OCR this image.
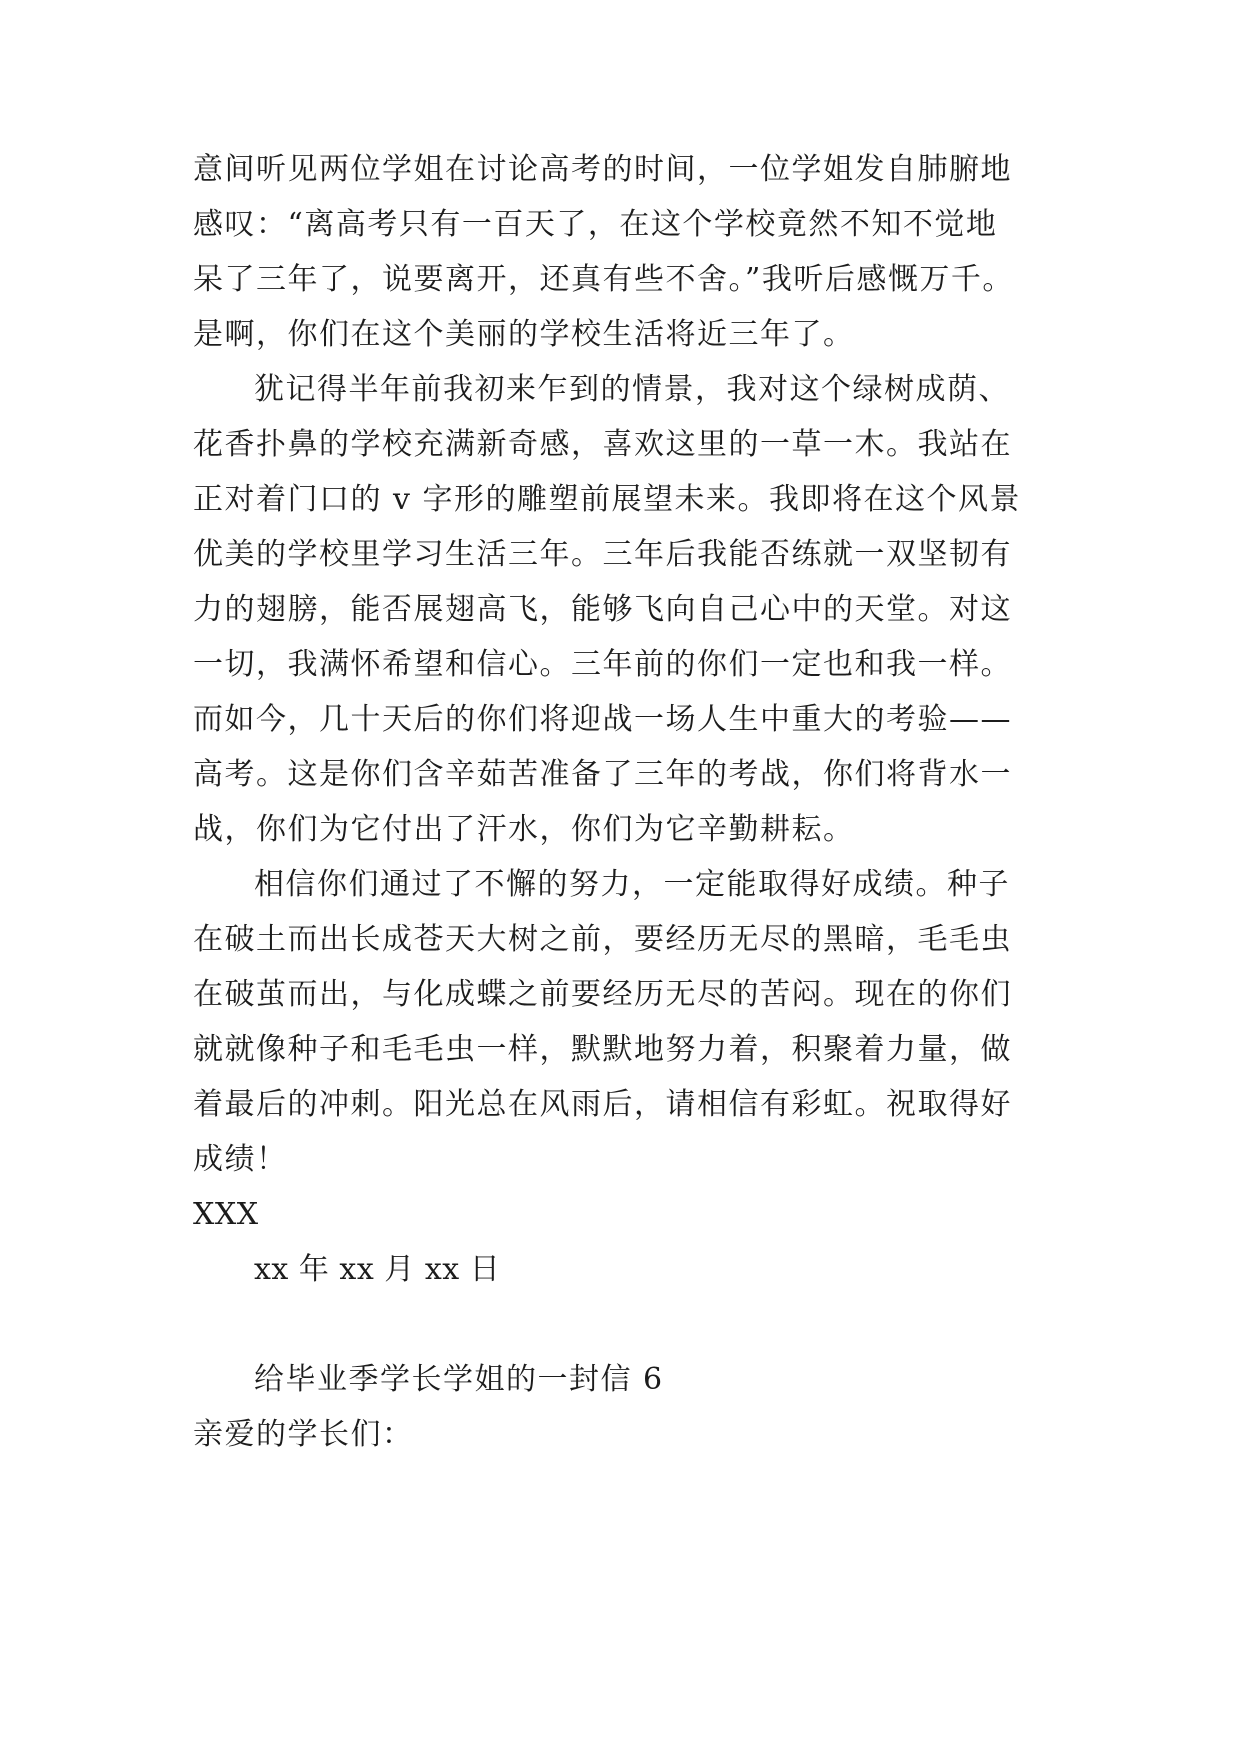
意间听见两位学姐在讨论高考的时间，一位学姐发自肺腑地

感叹：“离高考只有一百天了，在这个学校竟然不知不觉地

呆了三年了，说要离开，还真有些不舍。”我听后感慨万千。

是啊，你们在这个美丽的学校生活将近三年了。

犹记得半年前我初来乍到的情景，我对这个绿树成荫、

花香扑鼻的学校充满新奇感，喜欢这里的一草一木。我站在

正对着门口的 v 字形的雕塑前展望未来。我即将在这个风景

优美的学校里学习生活三年。三年后我能否练就一双坚韧有

力的翅膀，能否展翅高飞，能够飞向自己心中的天堂。对这

一切，我满怀希望和信心。三年前的你们一定也和我一样。

而如今，几十天后的你们将迎战一场人生中重大的考验——

高考。这是你们含辛茹苦准备了三年的考战，你们将背水一

战，你们为它付出了汗水，你们为它辛勤耕耘。

相信你们通过了不懈的努力，一定能取得好成绩。种子

在破土而出长成苍天大树之前，要经历无尽的黑暗，毛毛虫

在破茧而出，与化成蝶之前要经历无尽的苦闷。现在的你们

就就像种子和毛毛虫一样，默默地努力着，积聚着力量，做

着最后的冲刺。阳光总在风雨后，请相信有彩虹。祝取得好

成绩！

XXX

xx 年 xx 月 xx 日

给毕业季学长学姐的一封信 6

亲爱的学长们：
